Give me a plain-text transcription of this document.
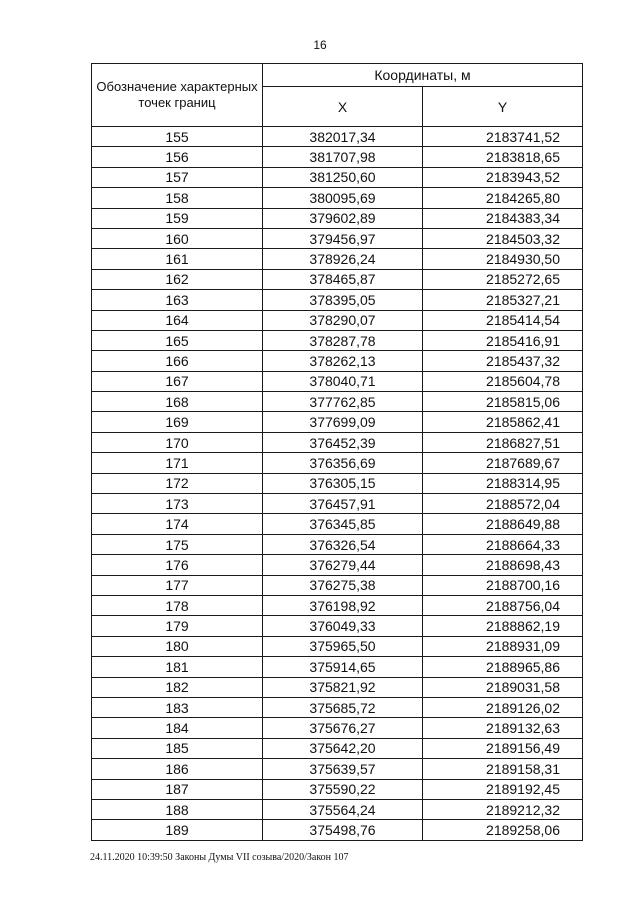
16
Обозначение характерных точек границ	Координаты, м	
	X	Y
155	382017,34	2183741,52
156	381707,98	2183818,65
157	381250,60	2183943,52
158	380095,69	2184265,80
159	379602,89	2184383,34
160	379456,97	2184503,32
161	378926,24	2184930,50
162	378465,87	2185272,65
163	378395,05	2185327,21
164	378290,07	2185414,54
165	378287,78	2185416,91
166	378262,13	2185437,32
167	378040,71	2185604,78
168	377762,85	2185815,06
169	377699,09	2185862,41
170	376452,39	2186827,51
171	376356,69	2187689,67
172	376305,15	2188314,95
173	376457,91	2188572,04
174	376345,85	2188649,88
175	376326,54	2188664,33
176	376279,44	2188698,43
177	376275,38	2188700,16
178	376198,92	2188756,04
179	376049,33	2188862,19
180	375965,50	2188931,09
181	375914,65	2188965,86
182	375821,92	2189031,58
183	375685,72	2189126,02
184	375676,27	2189132,63
185	375642,20	2189156,49
186	375639,57	2189158,31
187	375590,22	2189192,45
188	375564,24	2189212,32
189	375498,76	2189258,06
24.11.2020 10:39:50 Законы Думы VII созыва/2020/Закон 107
